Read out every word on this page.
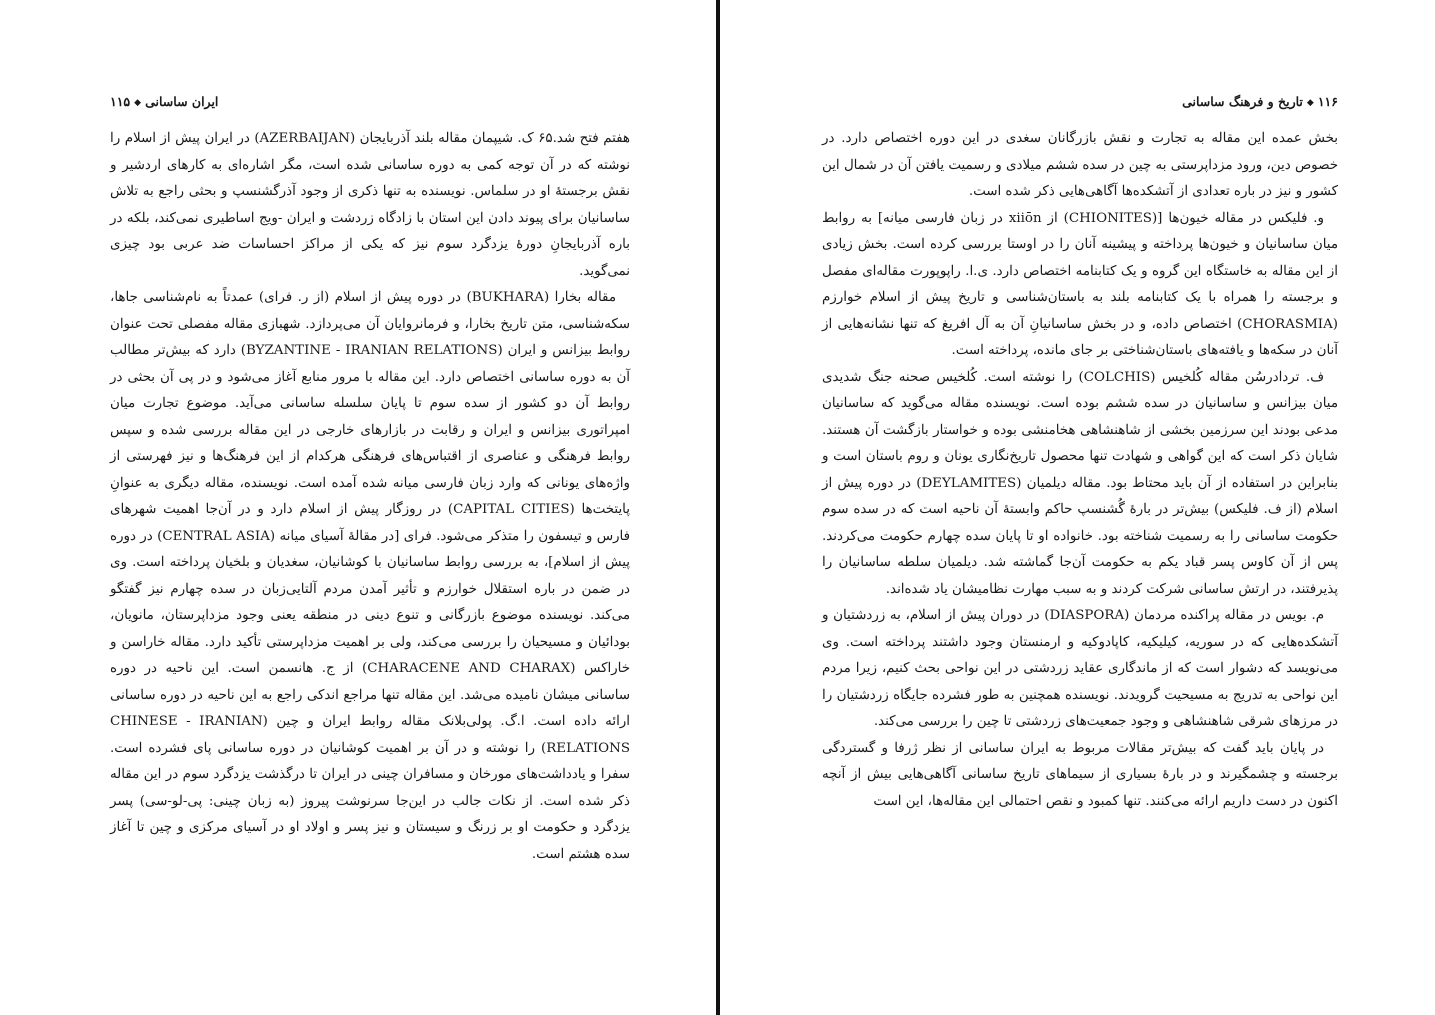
ایران ساسانی◆۱۱۵

هفتم فتح شد.۶۵ ک. شیپمان مقاله بلند آذربایجان (AZERBAIJAN) در ایران پیش از اسلام را نوشته که در آن توجه کمی به دوره ساسانی شده است، مگر اشاره‌ای به کارهای اردشیر و نقش برجستهٔ او در سلماس. نویسنده به تنها ذکری از وجود آذرگشنسپ و بحثی راجع به تلاش ساسانیان برای پیوند دادن این استان با زادگاه زردشت و ایران -ویج اساطیری نمی‌کند، بلکه در باره آذربایجانِ دورهٔ یزدگرد سوم نیز که یکی از مراکز احساسات ضد عربی بود چیزی نمی‌گوید.

مقاله بخارا (BUKHARA) در دوره پیش از اسلام (از ر. فرای) عمدتاً به نام‌شناسی جاها، سکه‌شناسی، متن تاریخ بخارا، و فرمانروایان آن می‌پردازد. شهبازی مقاله مفصلی تحت عنوان روابط بیزانس و ایران (BYZANTINE - IRANIAN RELATIONS) دارد که بیش‌تر مطالب آن به دوره ساسانی اختصاص دارد. این مقاله با مرور منابع آغاز می‌شود و در پی آن بحثی در روابط آن دو کشور از سده سوم تا پایان سلسله ساسانی می‌آید. موضوع تجارت میان امپراتوری بیزانس و ایران و رقابت در بازارهای خارجی در این مقاله بررسی شده و سپس روابط فرهنگی و عناصری از اقتباس‌های فرهنگی هرکدام از این فرهنگ‌ها و نیز فهرستی از واژه‌های یونانی که وارد زبان فارسی میانه شده آمده است. نویسنده، مقاله دیگری به عنوانِ پایتخت‌ها (CAPITAL CITIES) در روزگار پیش از اسلام دارد و در آن‌جا اهمیت شهرهای فارس و تیسفون را متذکر می‌شود. فرای [در مقالهٔ آسیای میانه (CENTRAL ASIA) در دوره پیش از اسلام]، به بررسی روابط ساسانیان با کوشانیان، سغدیان و بلخیان پرداخته است. وی در ضمن در باره استقلال خوارزم و تأثیر آمدن مردم آلتایی‌زبان در سده چهارم نیز گفتگو می‌کند. نویسنده موضوع بازرگانی و تنوع دینی در منطقه یعنی وجود مزداپرستان، مانویان، بودائیان و مسیحیان را بررسی می‌کند، ولی بر اهمیت مزداپرستی تأکید دارد. مقاله خاراسن و خاراکس (CHARACENE AND CHARAX) از ج. هانسمن است. این ناحیه در دوره ساسانی میشان نامیده می‌شد. این مقاله تنها مراجع اندکی راجع به این ناحیه در دوره ساسانی ارائه داده است. ا.گ. پولی‌بلانک مقاله روابط ایران و چین (CHINESE - IRANIAN RELATIONS) را نوشته و در آن بر اهمیت کوشانیان در دوره ساسانی پای فشرده است. سفرا و یادداشت‌های مورخان و مسافران چینی در ایران تا درگذشت یزدگرد سوم در این مقاله ذکر شده است. از نکات جالب در این‌جا سرنوشت پیروز (به زبان چینی: پی-لو-سی) پسر یزدگرد و حکومت او بر زرنگ و سیستان و نیز پسر و اولاد او در آسیای مرکزی و چین تا آغاز سده هشتم است.

۱۱۶◆تاریخ و فرهنگ ساسانی

بخش عمده این مقاله به تجارت و نقش بازرگانان سغدی در این دوره اختصاص دارد. در خصوص دین، ورود مزداپرستی به چین در سده ششم میلادی و رسمیت یافتن آن در شمال این کشور و نیز در باره تعدادی از آتشکده‌ها آگاهی‌هایی ذکر شده است.

و. فلیکس در مقاله خیون‌ها [(CHIONITES) از xiiōn در زبان فارسی میانه] به روابط میان ساسانیان و خیون‌ها پرداخته و پیشینه آنان را در اوستا بررسی کرده است. بخش زیادی از این مقاله به خاستگاه این گروه و یک کتابنامه اختصاص دارد. ی.ا. راپوپورت مقاله‌ای مفصل و برجسته را همراه با یک کتابنامه بلند به باستان‌شناسی و تاریخ پیش از اسلام خوارزم (CHORASMIA) اختصاص داده، و در بخش ساسانیانِ آن به آل افریغ که تنها نشانه‌هایی از آنان در سکه‌ها و یافته‌های باستان‌شناختی بر جای مانده، پرداخته است.

ف. تردادرسُن مقاله کُلخیس (COLCHIS) را نوشته است. کُلخیس صحنه جنگ شدیدی میان بیزانس و ساسانیان در سده ششم بوده است. نویسنده مقاله می‌گوید که ساسانیان مدعی بودند این سرزمین بخشی از شاهنشاهی هخامنشی بوده و خواستار بازگشت آن هستند. شایان ذکر است که این گواهی و شهادت تنها محصول تاریخ‌نگاری یونان و روم باستان است و بنابراین در استفاده از آن باید محتاط بود. مقاله دیلمیان (DEYLAMITES) در دوره پیش از اسلام (از ف. فلیکس) بیش‌تر در بارهٔ گُشنسپ حاکم وابستهٔ آن ناحیه است که در سده سوم حکومت ساسانی را به رسمیت شناخته بود. خانواده او تا پایان سده چهارم حکومت می‌کردند. پس از آن کاوس پسر قباد یکم به حکومت آن‌جا گماشته شد. دیلمیان سلطه ساسانیان را پذیرفتند، در ارتش ساسانی شرکت کردند و به سبب مهارت نظامیشان یاد شده‌اند.

م. بویس در مقاله پراکنده مردمان (DIASPORA) در دوران پیش از اسلام، به زردشتیان و آتشکده‌هایی که در سوریه، کیلیکیه، کاپادوکیه و ارمنستان وجود داشتند پرداخته است. وی می‌نویسد که دشوار است که از ماندگاری عقاید زردشتی در این نواحی بحث کنیم، زیرا مردم این نواحی به تدریج به مسیحیت گرویدند. نویسنده همچنین به طور فشرده جایگاه زردشتیان را در مرزهای شرقی شاهنشاهی و وجود جمعیت‌های زردشتی تا چین را بررسی می‌کند.

در پایان باید گفت که بیش‌تر مقالات مربوط به ایران ساسانی از نظر ژرفا و گستردگی برجسته و چشمگیرند و در بارهٔ بسیاری از سیماهای تاریخ ساسانی آگاهی‌هایی بیش از آنچه اکنون در دست داریم ارائه می‌کنند. تنها کمبود و نقص احتمالی این مقاله‌ها، این است
